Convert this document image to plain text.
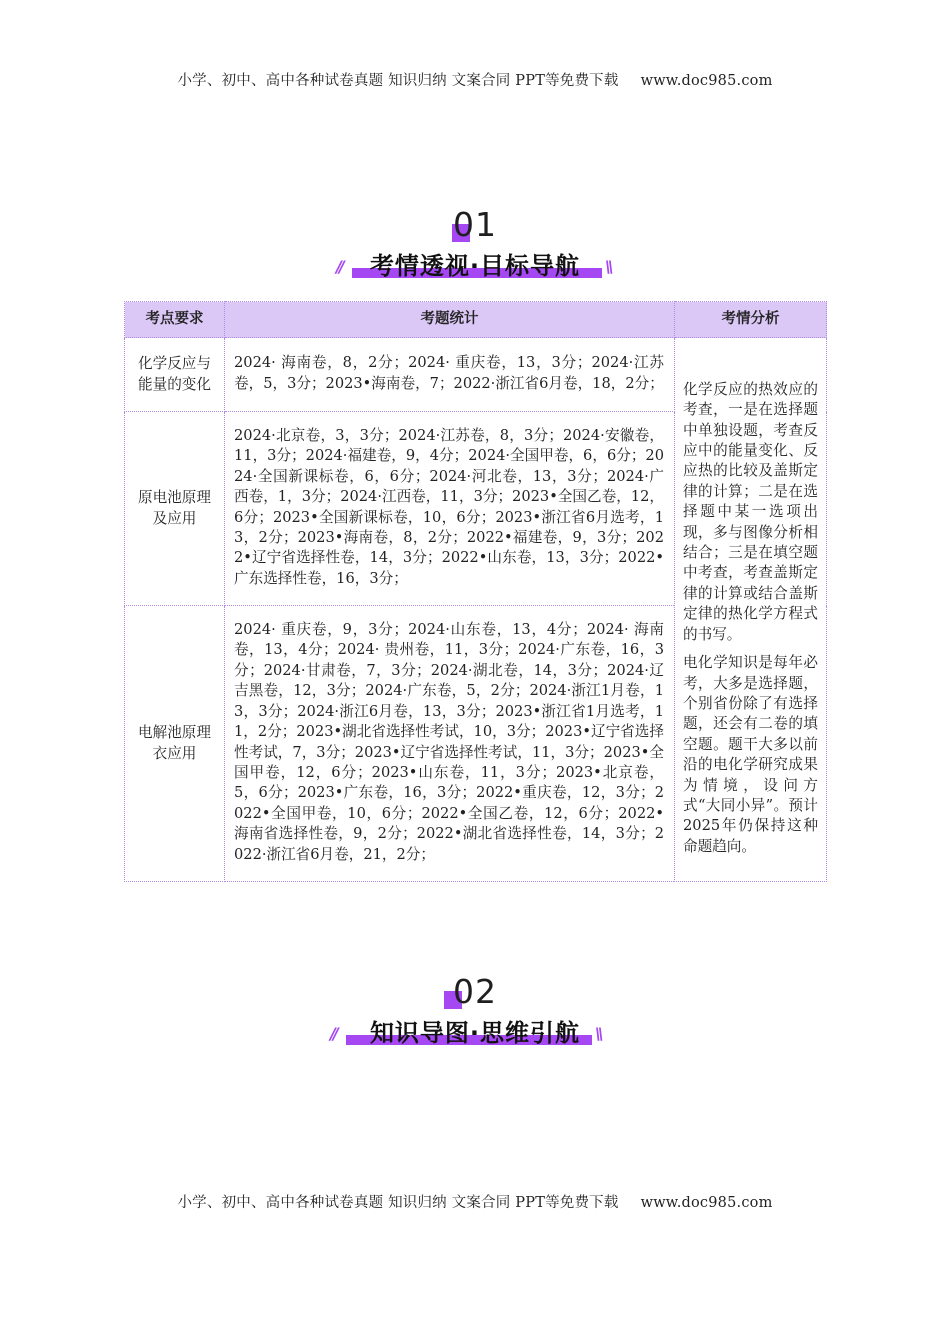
小学、初中、高中各种试卷真题 知识归纳 文案合同 PPT等免费下载 www.doc985.com
01
//	考情透视·目标导航	\\
考点要求	考题统计	考情分析
化学反应与能量的变化	2024· 海南卷，8，2分；2024· 重庆卷，13，3分；2024·江苏卷，5，3分；2023•海南卷，7；2022·浙江省6月卷，18，2分；	化学反应的热效应的考查，一是在选择题中单独设题，考查反应中的能量变化、反应热的比较及盖斯定律的计算；二是在选择题中某一选项出现，多与图像分析相结合；三是在填空题中考查，考查盖斯定律的计算或结合盖斯定律的热化学方程式的书写。

电化学知识是每年必考，大多是选择题，个别省份除了有选择题，还会有二卷的填空题。题干大多以前沿的电化学研究成果为情境，设问方式“大同小异”。预计2025年仍保持这种命题趋向。

原电池原理及应用	2024·北京卷，3，3分；2024·江苏卷，8，3分；2024·安徽卷，11，3分；2024·福建卷，9，4分；2024·全国甲卷，6，6分；2024·全国新课标卷，6，6分；2024·河北卷，13，3分；2024·广西卷，1，3分；2024·江西卷，11，3分；2023•全国乙卷，12，6分；2023•全国新课标卷，10，6分；2023•浙江省6月选考，13，2分；2023•海南卷，8，2分；2022•福建卷，9，3分；2022•辽宁省选择性卷，14，3分；2022•山东卷，13，3分；2022•广东选择性卷，16，3分；	
电解池原理衣应用	2024· 重庆卷，9，3分；2024·山东卷，13，4分；2024· 海南卷，13，4分；2024· 贵州卷，11，3分；2024·广东卷，16，3分；2024·甘肃卷，7，3分；2024·湖北卷，14，3分；2024·辽吉黑卷，12，3分；2024·广东卷，5，2分；2024·浙江1月卷，13，3分；2024·浙江6月卷，13，3分；2023•浙江省1月选考，11，2分；2023•湖北省选择性考试，10，3分；2023•辽宁省选择性考试，7，3分；2023•辽宁省选择性考试，11，3分；2023•全国甲卷，12，6分；2023•山东卷，11，3分；2023•北京卷，5，6分；2023•广东卷，16，3分；2022•重庆卷，12，3分；2022•全国甲卷，10，6分；2022•全国乙卷，12，6分；2022•海南省选择性卷，9，2分；2022•湖北省选择性卷，14，3分；2022·浙江省6月卷，21，2分；	
02
//	知识导图·思维引航 \\
小学、初中、高中各种试卷真题 知识归纳 文案合同 PPT等免费下载 www.doc985.com
